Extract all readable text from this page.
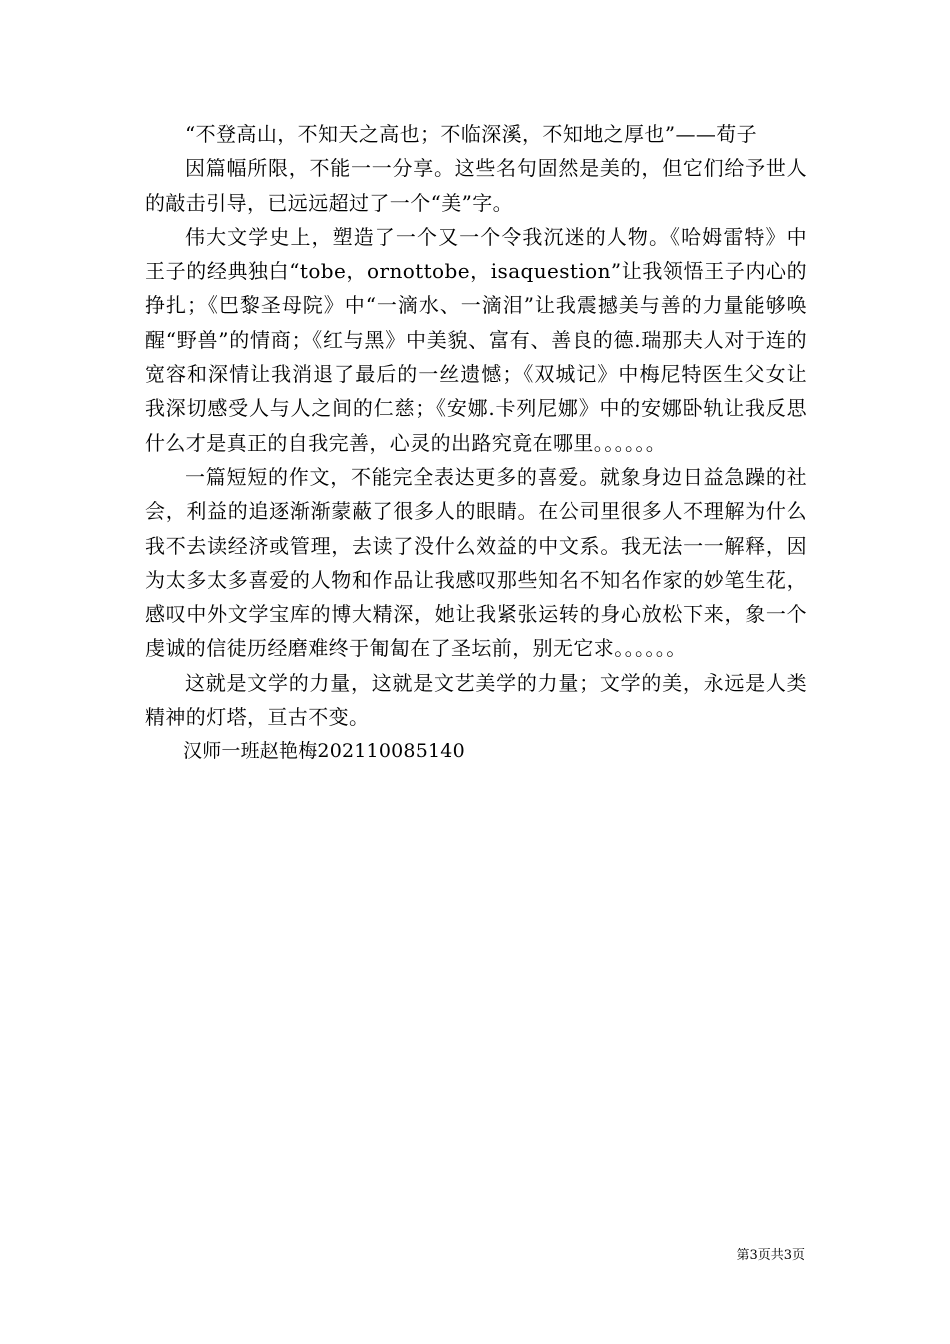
“不登高山，不知天之高也；不临深溪，不知地之厚也”——荀子

因篇幅所限，不能一一分享。这些名句固然是美的，但它们给予世人的敲击引导，已远远超过了一个“美”字。

伟大文学史上，塑造了一个又一个令我沉迷的人物。《哈姆雷特》中王子的经典独白“tobe，ornottobe，isaquestion”让我领悟王子内心的挣扎；《巴黎圣母院》中“一滴水、一滴泪”让我震撼美与善的力量能够唤醒“野兽”的情商；《红与黑》中美貌、富有、善良的德.瑞那夫人对于连的宽容和深情让我消退了最后的一丝遗憾；《双城记》中梅尼特医生父女让我深切感受人与人之间的仁慈；《安娜.卡列尼娜》中的安娜卧轨让我反思什么才是真正的自我完善，心灵的出路究竟在哪里。。。。。。

一篇短短的作文，不能完全表达更多的喜爱。就象身边日益急躁的社会，利益的追逐渐渐蒙蔽了很多人的眼睛。在公司里很多人不理解为什么我不去读经济或管理，去读了没什么效益的中文系。我无法一一解释，因为太多太多喜爱的人物和作品让我感叹那些知名不知名作家的妙笔生花，感叹中外文学宝库的博大精深，她让我紧张运转的身心放松下来，象一个虔诚的信徒历经磨难终于匍匐在了圣坛前，别无它求。。。。。。

这就是文学的力量，这就是文艺美学的力量；文学的美，永远是人类精神的灯塔，亘古不变。

汉师一班赵艳梅202110085140

第3页共3页
